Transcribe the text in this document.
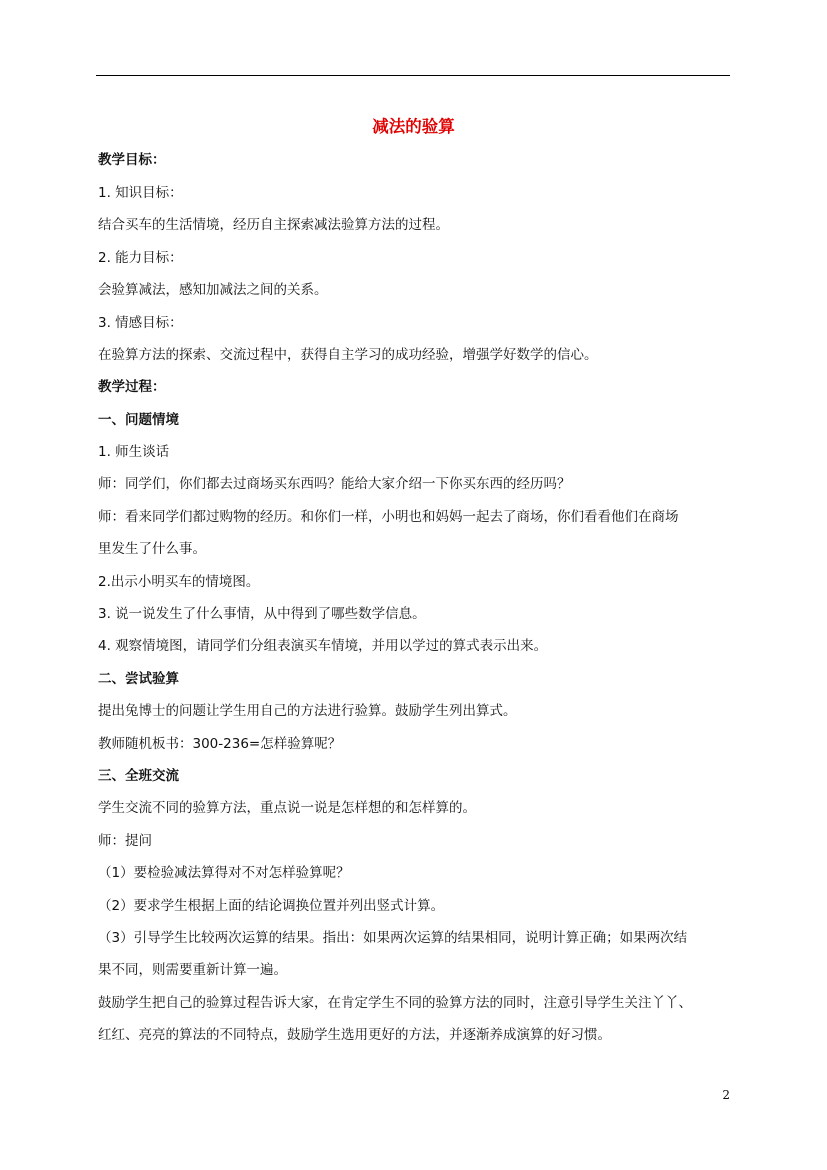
减法的验算
教学目标：
1. 知识目标：
结合买车的生活情境，经历自主探索减法验算方法的过程。
2. 能力目标：
会验算减法，感知加减法之间的关系。
3. 情感目标：
在验算方法的探索、交流过程中，获得自主学习的成功经验，增强学好数学的信心。
教学过程：
一、问题情境
1. 师生谈话
师：同学们，你们都去过商场买东西吗？能给大家介绍一下你买东西的经历吗？
师：看来同学们都过购物的经历。和你们一样，小明也和妈妈一起去了商场，你们看看他们在商场
里发生了什么事。
2.出示小明买车的情境图。
3. 说一说发生了什么事情，从中得到了哪些数学信息。
4. 观察情境图，请同学们分组表演买车情境，并用以学过的算式表示出来。
二、尝试验算
提出兔博士的问题让学生用自己的方法进行验算。鼓励学生列出算式。
教师随机板书：300-236=怎样验算呢？
三、全班交流
学生交流不同的验算方法，重点说一说是怎样想的和怎样算的。
师：提问
（1）要检验减法算得对不对怎样验算呢？
（2）要求学生根据上面的结论调换位置并列出竖式计算。
（3）引导学生比较两次运算的结果。指出：如果两次运算的结果相同，说明计算正确；如果两次结
果不同，则需要重新计算一遍。
鼓励学生把自己的验算过程告诉大家，在肯定学生不同的验算方法的同时，注意引导学生关注丫丫、
红红、亮亮的算法的不同特点，鼓励学生选用更好的方法，并逐渐养成演算的好习惯。
2
